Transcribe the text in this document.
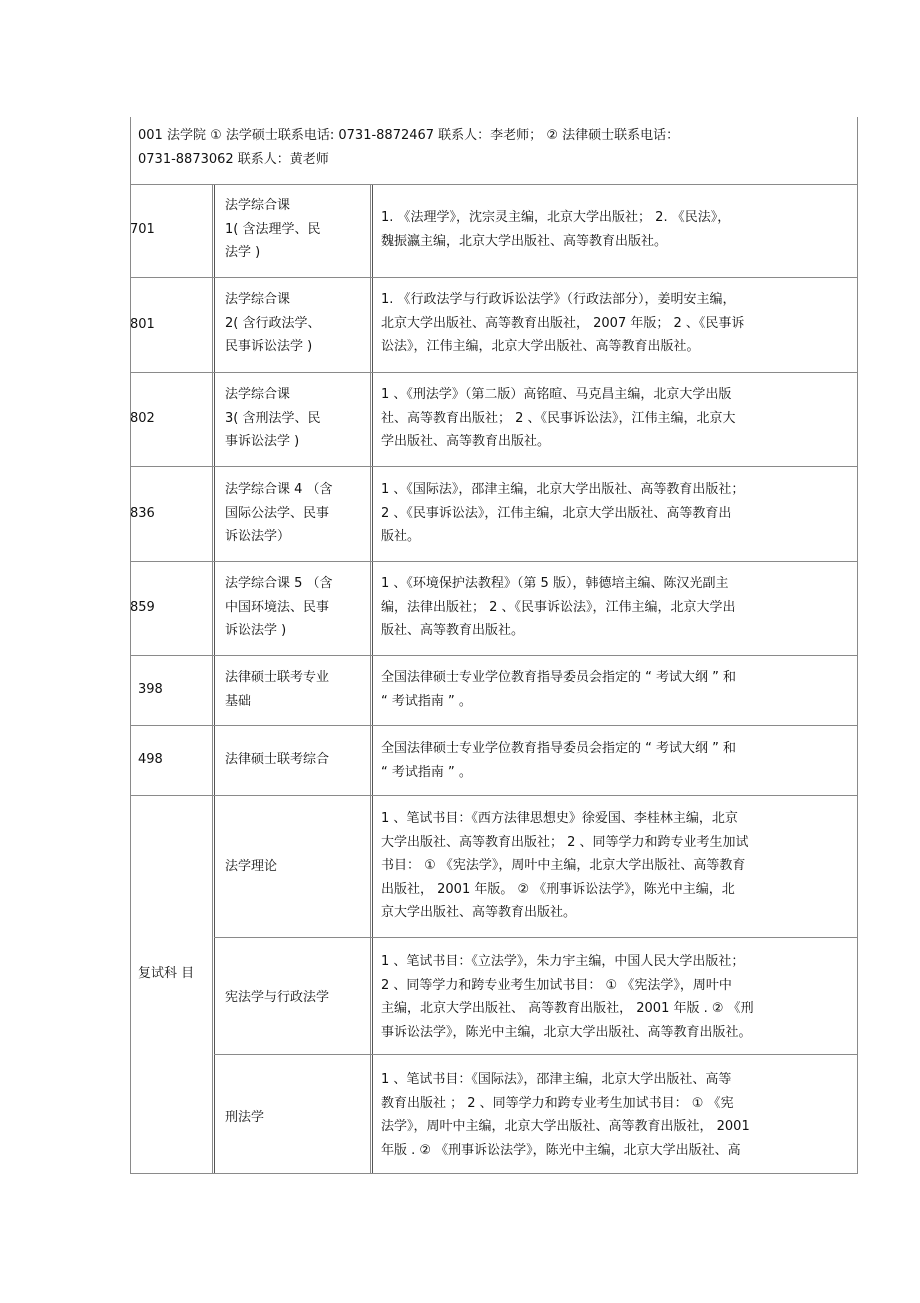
001 法学院 ① 法学硕士联系电话: 0731-8872467 联系人：李老师； ② 法律硕士联系电话：
0731-8873062 联系人：黄老师
701
法学综合课
1( 含法理学、民
法学 )
1. 《法理学》，沈宗灵主编，北京大学出版社； 2. 《民法》，
魏振瀛主编，北京大学出版社、高等教育出版社。
801
法学综合课
2( 含行政法学、
民事诉讼法学 )
1. 《行政法学与行政诉讼法学》（行政法部分），姜明安主编，
北京大学出版社、高等教育出版社， 2007 年版； 2 、《民事诉
讼法》，江伟主编，北京大学出版社、高等教育出版社。
802
法学综合课
3( 含刑法学、民
事诉讼法学 )
1 、《刑法学》（第二版）高铭暄、马克昌主编，北京大学出版
社、高等教育出版社； 2 、《民事诉讼法》，江伟主编，北京大
学出版社、高等教育出版社。
836
法学综合课 4 （含
国际公法学、民事
诉讼法学）
1 、《国际法》，邵津主编，北京大学出版社、高等教育出版社；
2 、《民事诉讼法》，江伟主编，北京大学出版社、高等教育出
版社。
859
法学综合课 5 （含
中国环境法、民事
诉讼法学 )
1 、《环境保护法教程》（第 5 版），韩德培主编、陈汉光副主
编，法律出版社； 2 、《民事诉讼法》，江伟主编，北京大学出
版社、高等教育出版社。
398
法律硕士联考专业
基础
全国法律硕士专业学位教育指导委员会指定的 “ 考试大纲 ” 和
“ 考试指南 ” 。
498	法律硕士联考综合
全国法律硕士专业学位教育指导委员会指定的 “ 考试大纲 ” 和
“ 考试指南 ” 。
复试科 目
法学理论
1 、笔试书目：《西方法律思想史》徐爱国、李桂林主编，北京
大学出版社、高等教育出版社； 2 、同等学力和跨专业考生加试
书目： ① 《宪法学》，周叶中主编，北京大学出版社、高等教育
出版社， 2001 年版。 ② 《刑事诉讼法学》，陈光中主编，北
京大学出版社、高等教育出版社。
宪法学与行政法学
1 、笔试书目：《立法学》，朱力宇主编，中国人民大学出版社；
2 、同等学力和跨专业考生加试书目： ① 《宪法学》，周叶中
主编，北京大学出版社、 高等教育出版社， 2001 年版 . ② 《刑
事诉讼法学》，陈光中主编，北京大学出版社、高等教育出版社。
刑法学
1 、笔试书目：《国际法》，邵津主编，北京大学出版社、高等
教育出版社 ； 2 、同等学力和跨专业考生加试书目： ① 《宪
法学》，周叶中主编，北京大学出版社、高等教育出版社， 2001
年版 . ② 《刑事诉讼法学》，陈光中主编，北京大学出版社、高
